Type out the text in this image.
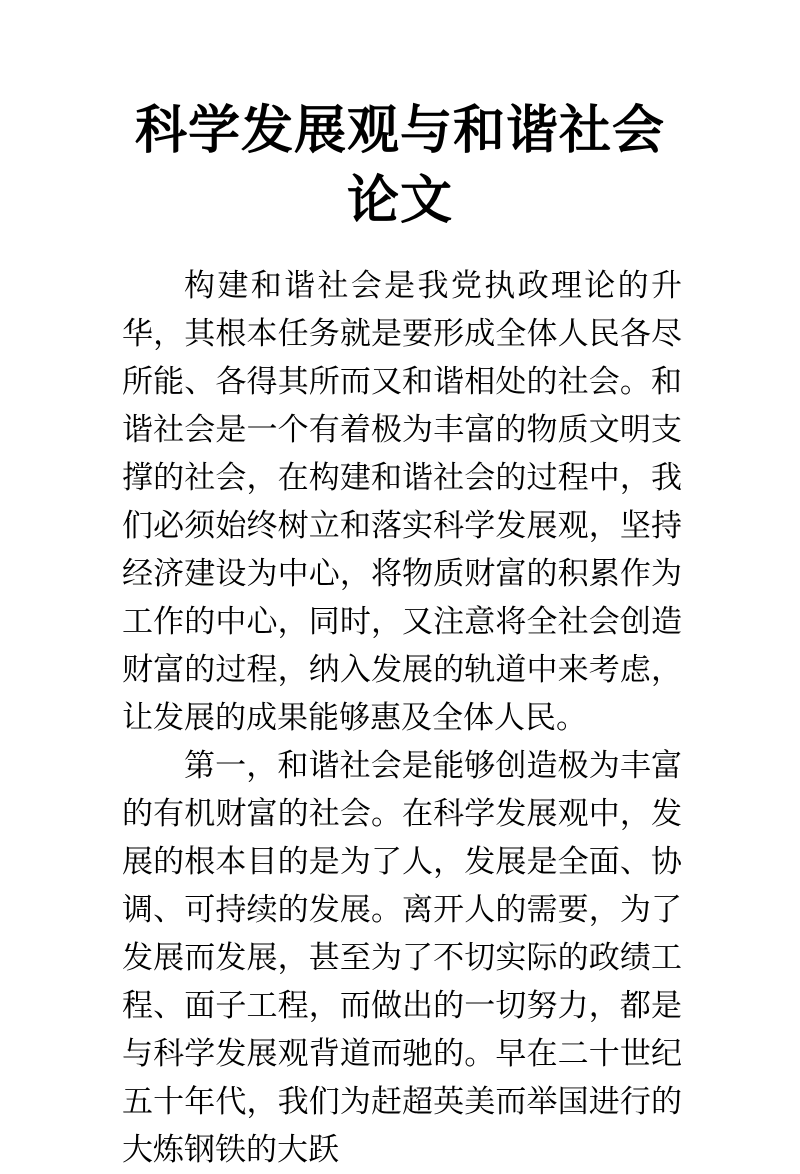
科学发展观与和谐社会论文

构建和谐社会是我党执政理论的升华，其根本任务就是要形成全体人民各尽所能、各得其所而又和谐相处的社会。和谐社会是一个有着极为丰富的物质文明支撑的社会，在构建和谐社会的过程中，我们必须始终树立和落实科学发展观，坚持经济建设为中心，将物质财富的积累作为工作的中心，同时，又注意将全社会创造财富的过程，纳入发展的轨道中来考虑，让发展的成果能够惠及全体人民。

第一，和谐社会是能够创造极为丰富的有机财富的社会。在科学发展观中，发展的根本目的是为了人，发展是全面、协调、可持续的发展。离开人的需要，为了发展而发展，甚至为了不切实际的政绩工程、面子工程，而做出的一切努力，都是与科学发展观背道而驰的。早在二十世纪五十年代，我们为赶超英美而举国进行的大炼钢铁的大跃
